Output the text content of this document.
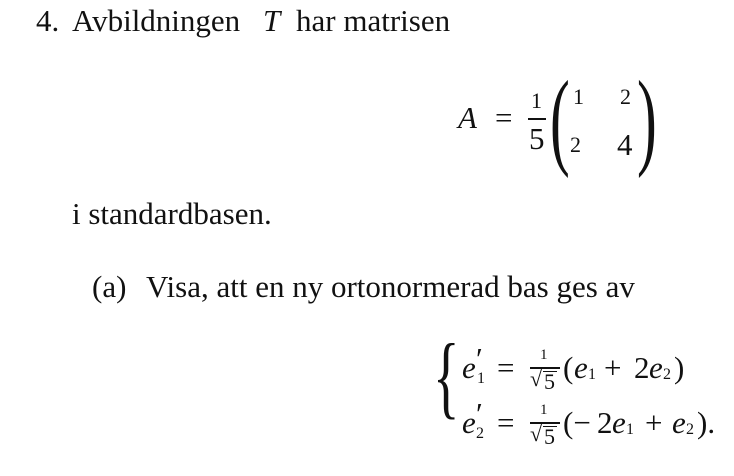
4. Avbildningen T har matrisen
A = 1
5 ( 1 2
2 4 )
i standardbasen.
(a) Visa, att en ny ortonormerad bas ges av
{ e ′
1 = 1
√ 5 ( e 1 + 2 e 2 )
e ′
2 = 1
√ 5 (− 2 e 1 + e 2 ).
